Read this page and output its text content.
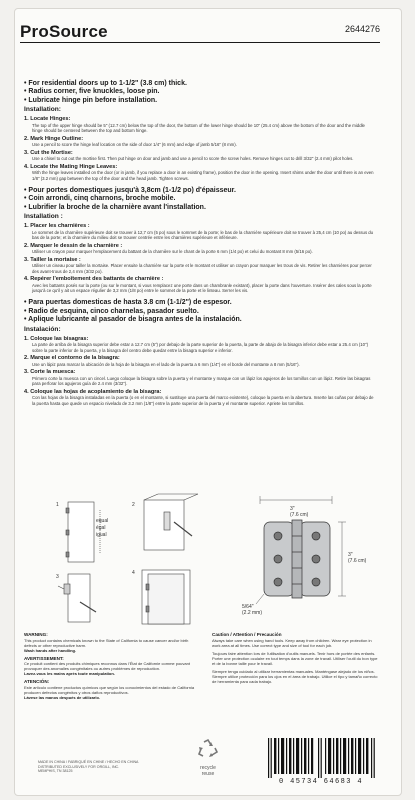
ProSource	2644276
• For residential doors up to 1-1/2" (3.8 cm) thick.
• Radius corner, five knuckles, loose pin.
• Lubricate hinge pin before installation.
Installation:
1. Locate Hinges:
The top of the upper hinge should be 5" (12.7 cm) below the top of the door, the bottom of the lower hinge should be 10" (25.4 cm) above the bottom of the door and the middle hinge should be centered between the top and bottom hinge.
2. Mark Hinge Outline:
Use a pencil to score the hinge leaf location on the side of door 1/4" (6 mm) and edge of jamb 5/16" (8 mm).
3. Cut the Mortise:
Use a chisel to cut out the mortise first. Then put hinge on door and jamb and use a pencil to score the screw holes. Remove hinges cut to drill 3/32" (2.4 mm) pilot holes.
4. Locate the Mating Hinge Leaves:
With the hinge leaves installed on the door (or in jamb, if you replace a door in an existing frame), position the door in the opening. Insert shims under the door until there is an even 1/8" (3.2 mm) gap between the top of the door and the head jamb. Tighten screws.
• Pour portes domestiques jusqu'à 3,8cm (1-1/2 po) d'épaisseur.
• Coin arrondi, cinq charnons, broche mobile.
• Lubrifier la broche de la charnière avant l'installation.
Installation :
1. Placer les charnières :
Le sommet de la charnière supérieure doit se trouver à 12,7 cm (5 po) sous le sommet de la porte; le bas de la charnière supérieure doit se trouver à 25,4 cm (10 po) au dessus du bas de la porte; et la charnière du milieu doit se trouver centrée entre les charnières supérieure et inférieure.
2. Marquer le dessin de la charnière :
Utiliser un crayon pour marquer l'emplacement du battant de la charnière sur le chant de la porte 6 mm (1/4 po) et celui du montant 8 mm (5/16 po).
3. Tailler la mortaise :
Utiliser un ciseau pour tailler la mortaise. Placer ensuite la charnière sur la porte et le montant et utiliser un crayon pour marquer les trous de vis. Retirer les charnières pour percer des avant-trous de 2,4 mm (3/32 po).
4. Repérer l'emboîtement des battants de charnière :
Avec les battants posés sur la porte (ou sur le montant, si vous remplacez une porte dans un chambranle existant), placer la porte dans l'ouverture. Insérer des cales sous la porte jusqu'à ce qu'il y ait un espace régulier de 3,2 mm (1/8 po) entre le sommet de la porte et le linteau. Serrer les vis.
• Para puertas domesticas de hasta 3.8 cm (1-1/2") de espesor.
• Radio de esquina, cinco charnelas, pasador suelto.
• Aplique lubricante al pasador de bisagra antes de la instalación.
Instalación:
1. Coloque las bisagras:
La parte de arriba de la bisagra superior debe estar a 12.7 cm (5") por debajo de la parte superior de la puerta, la parte de abajo de la bisagra inferior debe estar a 25.4 cm (10") sobre la parte inferior de la puerta, y la bisagra del centro debe quedar entre la bisagra superior e inferior.
2. Marque el contorno de la bisagra:
Use un lápiz para marcar la ubicación de la hoja de la bisagra en el lado de la puerta a 6 mm (1/4") en el borde del montante a 8 mm (5/16").
3. Corte la muesca:
Primero corte la muesca con un cincel. Luego coloque la bisagra sobre la puerta y el montante y marque con un lápiz los agujeros de los tornillos con un lápiz. Retire las bisagras para perforar los agujeros guía de 2.4 mm (3/32").
4. Coloque las hojas de acoplamiento de la bisagra:
Con las hojas de la bisagra instaladas en la puerta (o en el montante, si sustituye una puerta del marco existente), coloque la puerta en la abertura. Inserte las cuñas por debajo de la puerta hasta que quede un espacio nivelado de 3.2 mm (1/8") entre la parte superior de la puerta y el montante superior. Apriete los tornillos.
1	2
3
4
equal
égal
igual
3"
(7.6 cm)
3"
(7.6 cm)
5/64"
(2.2 mm)
WARNING:
This product contains chemicals known to the State of California to cause cancer and/or birth defects or other reproductive harm.
Wash hands after handling.
AVERTISSEMENT:
Ce produit contient des produits chimiques reconnus dans l'État de Californie comme pouvant provoquer des anomalies congénitales ou autres problèmes de reproduction.
Lavez-vous les mains après toute manipulation.
ATENCIÓN:
Este artículo contiene productos químicos que según los conocimientos del estado de California producen defectos congénitos y otros daños reproductivos.
Lávese las manos después de utilizarlo.
Caution / Attention / Precaución
Always take care when using hand tools. Keep away from children. Wear eye protection in work area at all times. Use correct type and size of tool for each job.
Toujours faire attention lors de l'utilisation d'outils manuels. Tenir hors de portée des enfants. Porter une protection oculaire en tout temps dans la zone de travail. Utiliser l'outil du bon type et de la bonne taille pour le travail.
Siempre tenga cuidado al utilizar herramientas manuales. Manténgase alejado de los niños. Siempre utilice protección para los ojos en el área de trabajo. Utilice el tipo y tamaño correcto de herramienta para cada trabajo.
MADE IN CHINA / FABRIQUÉ EN CHINE / HECHO EN CHINA
DISTRIBUTED EXCLUSIVELY FOR ORGILL, INC.
MEMPHIS, TN 38125
recycle
reuse
0 45734 64683 4
